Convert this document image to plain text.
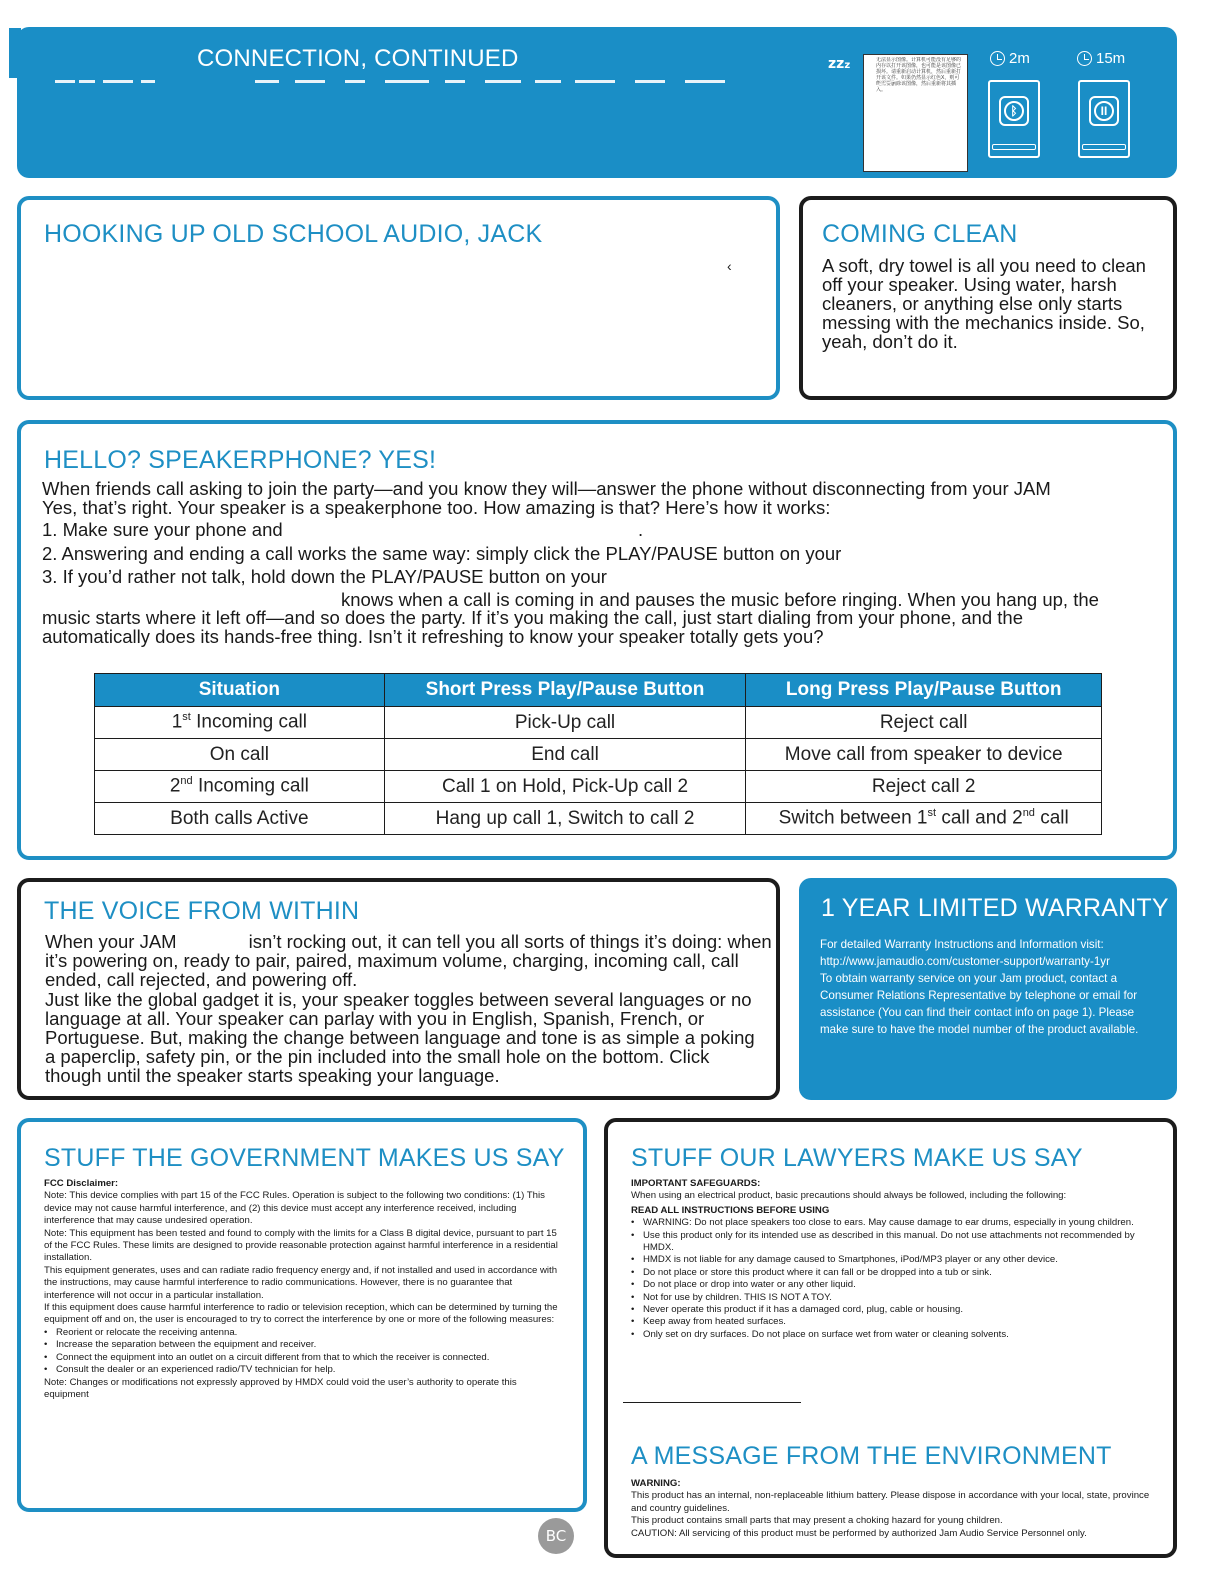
CONNECTION, CONTINUED	zzz	无法显示图像。计算机可能没有足够的内存以打开该图像，也可能是该图像已损坏。请重新启动计算机，然后重新打开该文件。如果仍然显示红色X，则可能需要删除该图像，然后重新将其插入。
2m	15m
ᛒ	II
HOOKING UP OLD SCHOOL AUDIO, JACK
‹
COMING CLEAN
A soft, dry towel is all you need to clean off your speaker. Using water, harsh cleaners, or anything else only starts messing with the mechanics inside. So, yeah, don’t do it.
HELLO? SPEAKERPHONE? YES!
When friends call asking to join the party—and you know they will—answer the phone without disconnecting from your JAM
Yes, that’s right. Your speaker is a speakerphone too. How amazing is that? Here’s how it works:
1. Make sure your phone and	.
2. Answering and ending a call works the same way: simply click the PLAY/PAUSE button on your
3. If you’d rather not talk, hold down the PLAY/PAUSE button on your
knows when a call is coming in and pauses the music before ringing. When you hang up, the
music starts where it left off—and so does the party. If it’s you making the call, just start dialing from your phone, and the
automatically does its hands-free thing. Isn’t it refreshing to know your speaker totally gets you?
Situation	Short Press Play/Pause Button	Long Press Play/Pause Button
1st Incoming call	Pick-Up call	Reject call
On call	End call	Move call from speaker to device
2nd Incoming call	Call 1 on Hold, Pick-Up call 2	Reject call 2
Both calls Active	Hang up call 1, Switch to call 2	Switch between 1st call and 2nd call
THE VOICE FROM WITHIN
When your JAM	isn’t rocking out, it can tell you all sorts of things it’s doing: when it’s powering on, ready to pair, paired, maximum volume, charging, incoming call, call ended, call rejected, and powering off.
Just like the global gadget it is, your speaker toggles between several languages or no language at all. Your speaker can parlay with you in English, Spanish, French, or Portuguese. But, making the change between language and tone is as simple a poking a paperclip, safety pin, or the pin included into the small hole on the bottom. Click though until the speaker starts speaking your language.
1 YEAR LIMITED WARRANTY
For detailed Warranty Instructions and Information visit:
http://www.jamaudio.com/customer-support/warranty-1yr
To obtain warranty service on your Jam product, contact a Consumer Relations Representative by telephone or email for assistance (You can find their contact info on page 1). Please make sure to have the model number of the product available.
STUFF THE GOVERNMENT MAKES US SAY
FCC Disclaimer:
Note: This device complies with part 15 of the FCC Rules. Operation is subject to the following two conditions: (1) This device may not cause harmful interference, and (2) this device must accept any interference received, including interference that may cause undesired operation.
Note: This equipment has been tested and found to comply with the limits for a Class B digital device, pursuant to part 15 of the FCC Rules. These limits are designed to provide reasonable protection against harmful interference in a residential installation.
This equipment generates, uses and can radiate radio frequency energy and, if not installed and used in accordance with the instructions, may cause harmful interference to radio communications. However, there is no guarantee that interference will not occur in a particular installation.
If this equipment does cause harmful interference to radio or television reception, which can be determined by turning the equipment off and on, the user is encouraged to try to correct the interference by one or more of the following measures:
• Reorient or relocate the receiving antenna.
• Increase the separation between the equipment and receiver.
• Connect the equipment into an outlet on a circuit different from that to which the receiver is connected.
• Consult the dealer or an experienced radio/TV technician for help.
Note: Changes or modifications not expressly approved by HMDX could void the user’s authority to operate this equipment
BC
STUFF OUR LAWYERS MAKE US SAY
IMPORTANT SAFEGUARDS:
When using an electrical product, basic precautions should always be followed, including the following:
READ ALL INSTRUCTIONS BEFORE USING
• WARNING: Do not place speakers too close to ears. May cause damage to ear drums, especially in young children.
• Use this product only for its intended use as described in this manual. Do not use attachments not recommended by HMDX.
• HMDX is not liable for any damage caused to Smartphones, iPod/MP3 player or any other device.
• Do not place or store this product where it can fall or be dropped into a tub or sink.
• Do not place or drop into water or any other liquid.
• Not for use by children. THIS IS NOT A TOY.
• Never operate this product if it has a damaged cord, plug, cable or housing.
• Keep away from heated surfaces.
• Only set on dry surfaces. Do not place on surface wet from water or cleaning solvents.
A MESSAGE FROM THE ENVIRONMENT
WARNING:
This product has an internal, non-replaceable lithium battery. Please dispose in accordance with your local, state, province and country guidelines.
This product contains small parts that may present a choking hazard for young children.
CAUTION: All servicing of this product must be performed by authorized Jam Audio Service Personnel only.
